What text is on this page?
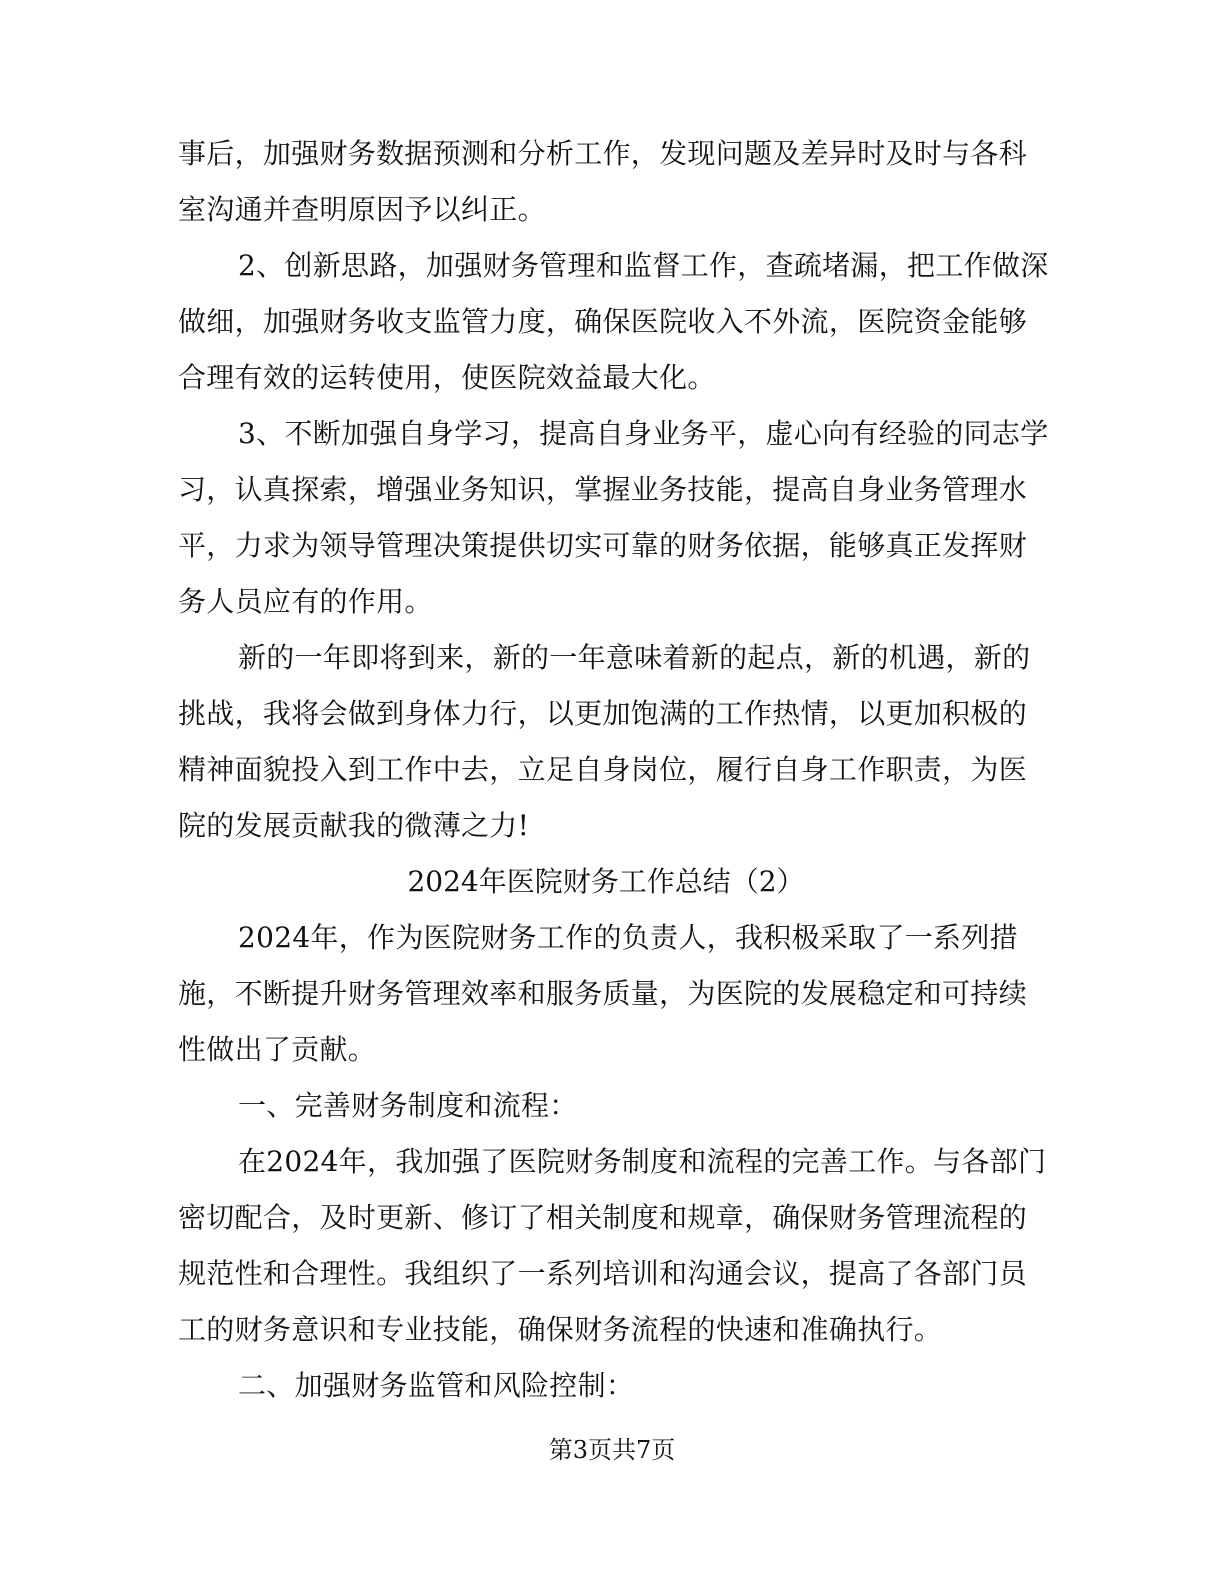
事后，加强财务数据预测和分析工作，发现问题及差异时及时与各科
室沟通并查明原因予以纠正。
2、创新思路，加强财务管理和监督工作，查疏堵漏，把工作做深
做细，加强财务收支监管力度，确保医院收入不外流，医院资金能够
合理有效的运转使用，使医院效益最大化。
3、不断加强自身学习，提高自身业务平，虚心向有经验的同志学
习，认真探索，增强业务知识，掌握业务技能，提高自身业务管理水
平，力求为领导管理决策提供切实可靠的财务依据，能够真正发挥财
务人员应有的作用。
新的一年即将到来，新的一年意味着新的起点，新的机遇，新的
挑战，我将会做到身体力行，以更加饱满的工作热情，以更加积极的
精神面貌投入到工作中去，立足自身岗位，履行自身工作职责，为医
院的发展贡献我的微薄之力!
2024年医院财务工作总结（2）
2024年，作为医院财务工作的负责人，我积极采取了一系列措
施，不断提升财务管理效率和服务质量，为医院的发展稳定和可持续
性做出了贡献。
一、完善财务制度和流程：
在2024年，我加强了医院财务制度和流程的完善工作。与各部门
密切配合，及时更新、修订了相关制度和规章，确保财务管理流程的
规范性和合理性。我组织了一系列培训和沟通会议，提高了各部门员
工的财务意识和专业技能，确保财务流程的快速和准确执行。
二、加强财务监管和风险控制：
第3页共7页
